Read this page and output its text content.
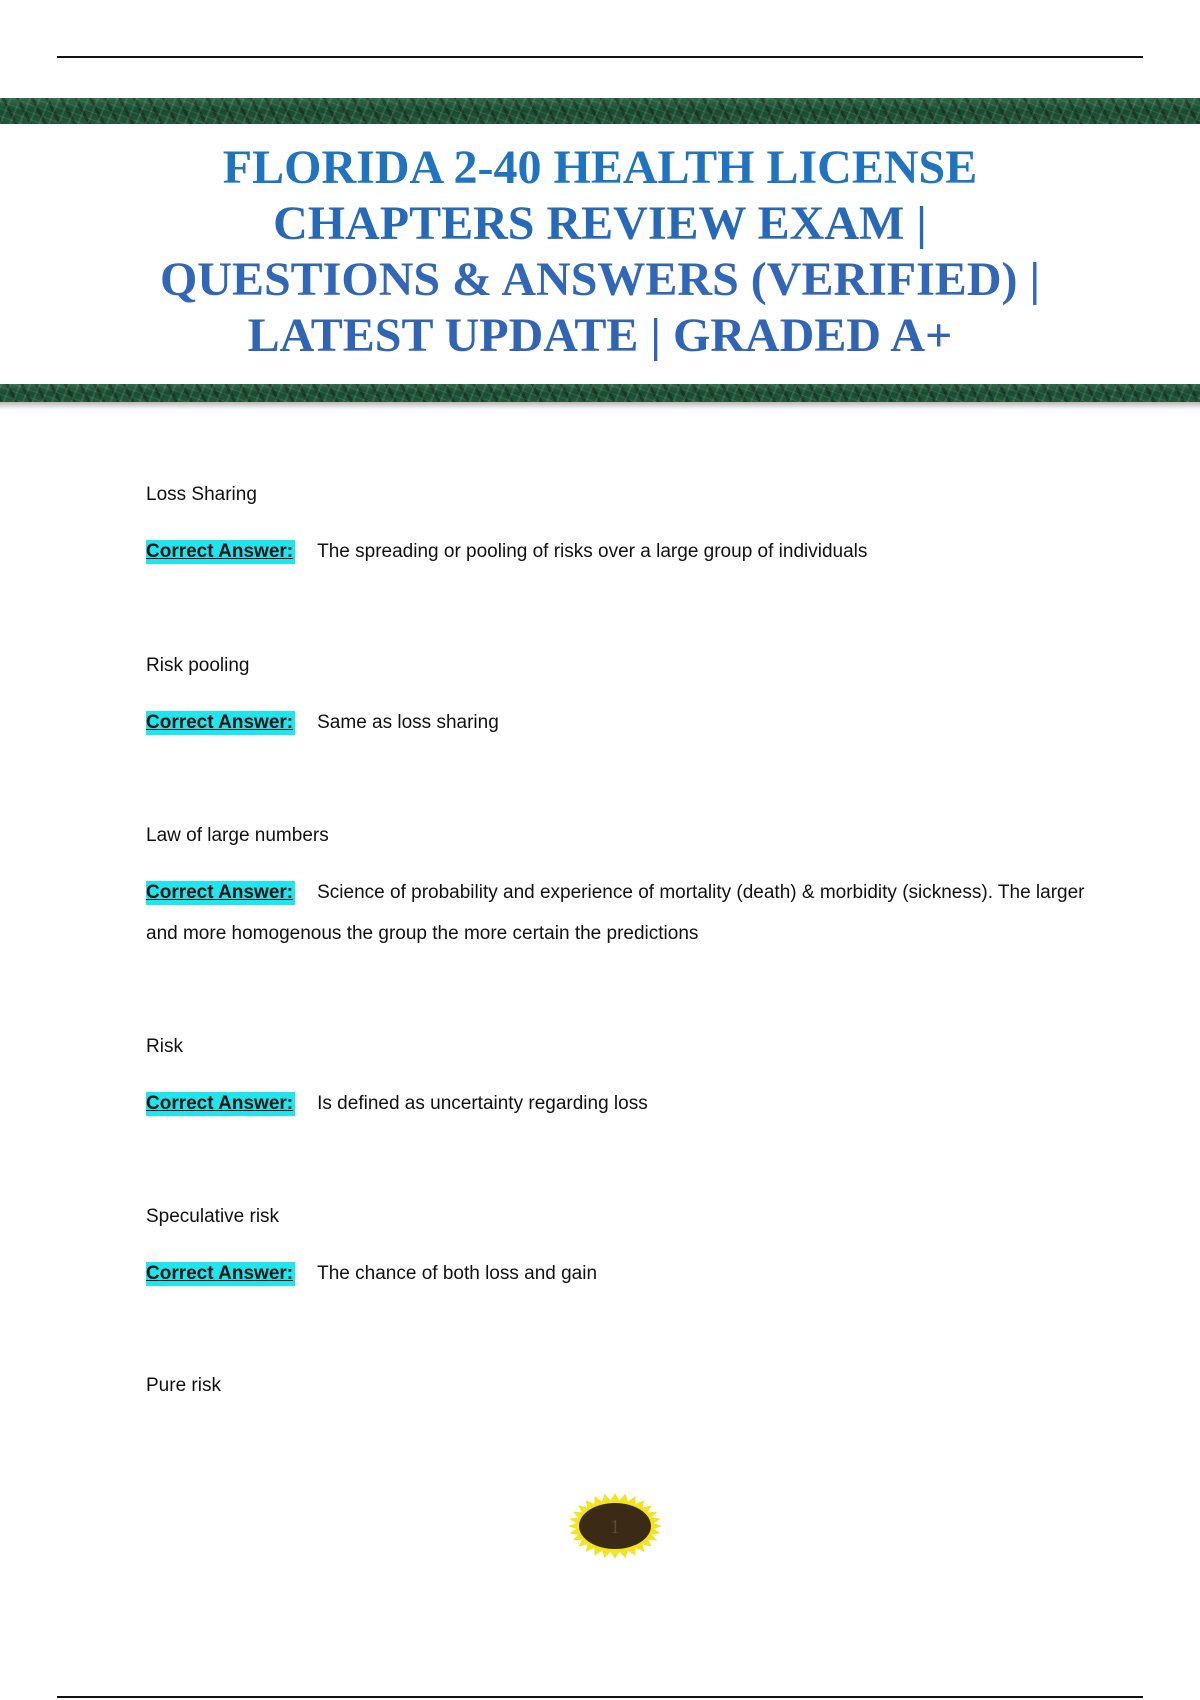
FLORIDA 2-40 HEALTH LICENSE
CHAPTERS REVIEW EXAM |
QUESTIONS & ANSWERS (VERIFIED) |
LATEST UPDATE | GRADED A+
Loss Sharing
Correct Answer: The spreading or pooling of risks over a large group of individuals
Risk pooling
Correct Answer: Same as loss sharing
Law of large numbers
Correct Answer: Science of probability and experience of mortality (death) & morbidity (sickness). The larger and more homogenous the group the more certain the predictions
Risk
Correct Answer: Is defined as uncertainty regarding loss
Speculative risk
Correct Answer: The chance of both loss and gain
Pure risk
1
